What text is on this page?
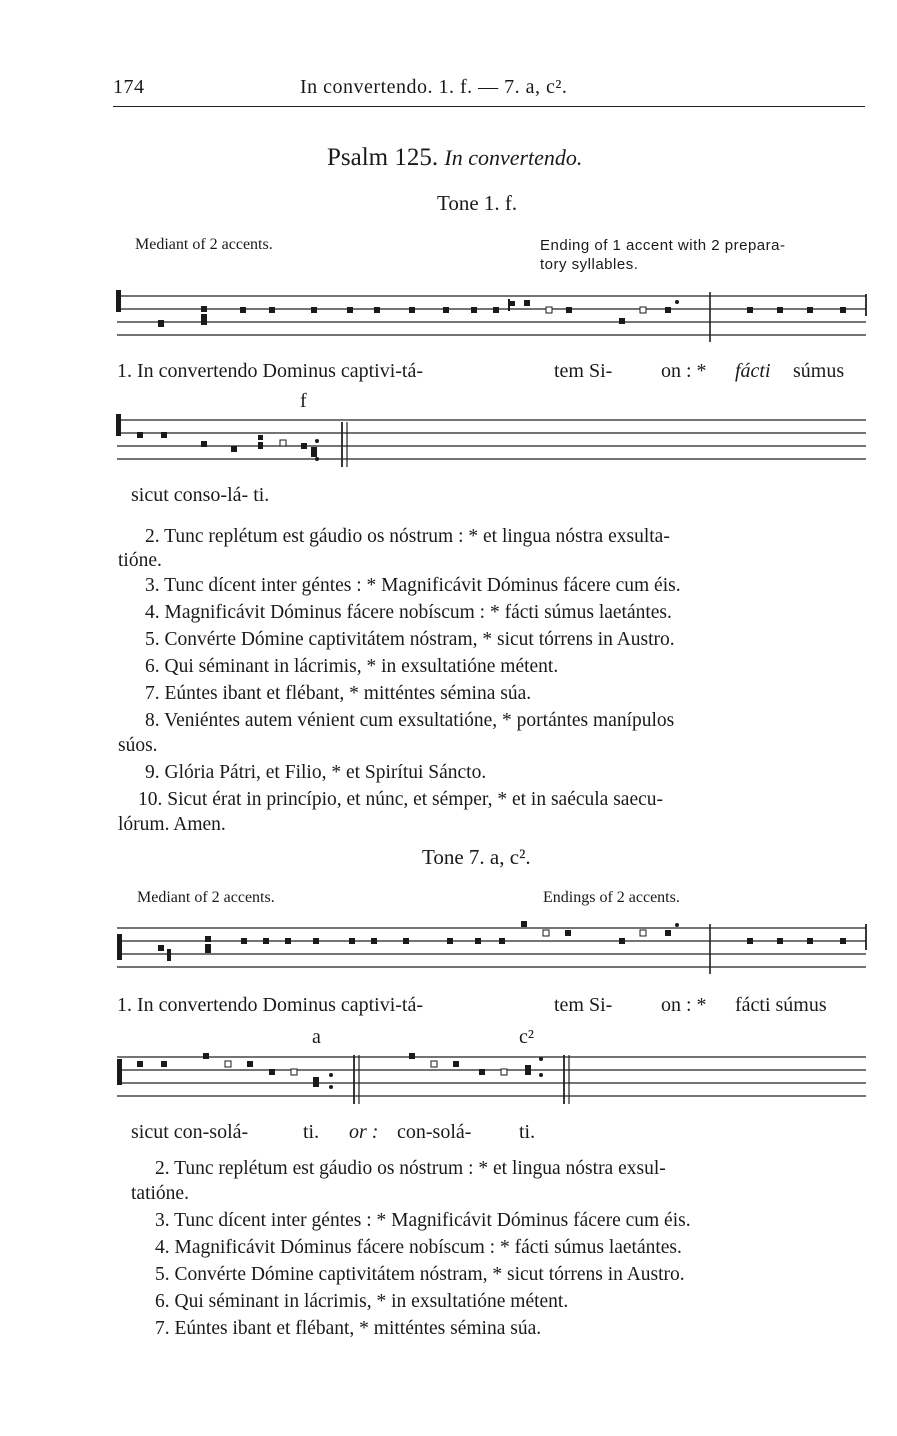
174	In convertendo. 1. f. — 7. a, c².
Psalm 125. In convertendo.
Tone 1. f.
Mediant of 2 accents.	Ending of 1 accent with 2 prepara-
tory syllables.
1. In convertendo Dominus captivi-tá-	tem Si- on : * fácti súmus
f
sicut conso-lá- ti.
2. Tunc replétum est gáudio os nóstrum : * et lingua nóstra exsulta-
tióne.
3. Tunc dícent inter géntes : * Magnificávit Dóminus fácere cum éis.
4. Magnificávit Dóminus fácere nobíscum : * fácti súmus laetántes.
5. Convérte Dómine captivitátem nóstram, * sicut tórrens in Austro.
6. Qui séminant in lácrimis, * in exsultatióne métent.
7. Eúntes ibant et flébant, * mitténtes sémina súa.
8. Veniéntes autem vénient cum exsultatióne, * portántes manípulos
súos.
9. Glória Pátri, et Filio, * et Spirítui Sáncto.
10. Sicut érat in princípio, et núnc, et sémper, * et in saécula saecu-
lórum. Amen.
Tone 7. a, c².
Mediant of 2 accents.	Endings of 2 accents.
1. In convertendo Dominus captivi-tá-	tem Si- on : * fácti súmus
a	c²
sicut con-solá-	ti. or : con-solá- ti.
2. Tunc replétum est gáudio os nóstrum : * et lingua nóstra exsul-
tatióne.
3. Tunc dícent inter géntes : * Magnificávit Dóminus fácere cum éis.
4. Magnificávit Dóminus fácere nobíscum : * fácti súmus laetántes.
5. Convérte Dómine captivitátem nóstram, * sicut tórrens in Austro.
6. Qui séminant in lácrimis, * in exsultatióne métent.
7. Eúntes ibant et flébant, * mitténtes sémina súa.
